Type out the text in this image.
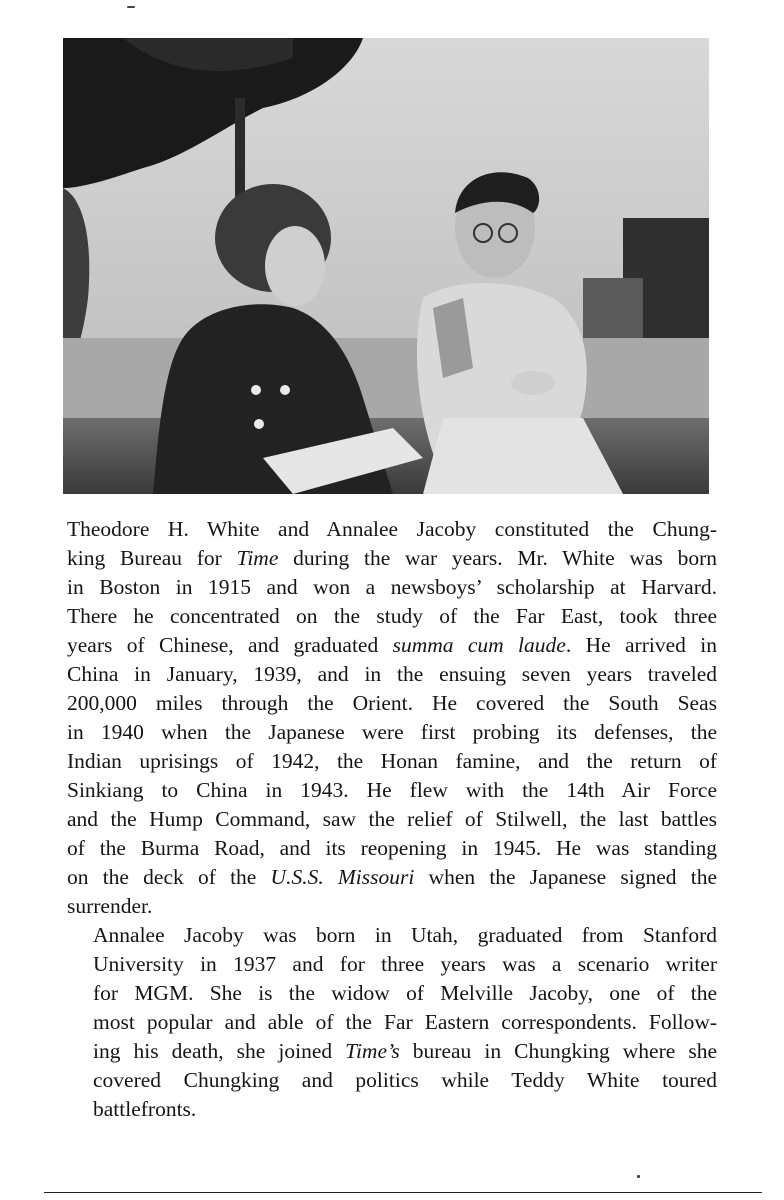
Theodore H. White and Annalee Jacoby constituted the Chung-
king Bureau for Time during the war years. Mr. White was born
in Boston in 1915 and won a newsboys’ scholarship at Harvard.
There he concentrated on the study of the Far East, took three
years of Chinese, and graduated summa cum laude. He arrived in
China in January, 1939, and in the ensuing seven years traveled
200,000 miles through the Orient. He covered the South Seas
in 1940 when the Japanese were first probing its defenses, the
Indian uprisings of 1942, the Honan famine, and the return of
Sinkiang to China in 1943. He flew with the 14th Air Force
and the Hump Command, saw the relief of Stilwell, the last battles
of the Burma Road, and its reopening in 1945. He was standing
on the deck of the U.S.S. Missouri when the Japanese signed the
surrender.

Annalee Jacoby was born in Utah, graduated from Stanford
University in 1937 and for three years was a scenario writer
for MGM. She is the widow of Melville Jacoby, one of the
most popular and able of the Far Eastern correspondents. Follow-
ing his death, she joined Time’s bureau in Chungking where she
covered Chungking and politics while Teddy White toured
battlefronts.
